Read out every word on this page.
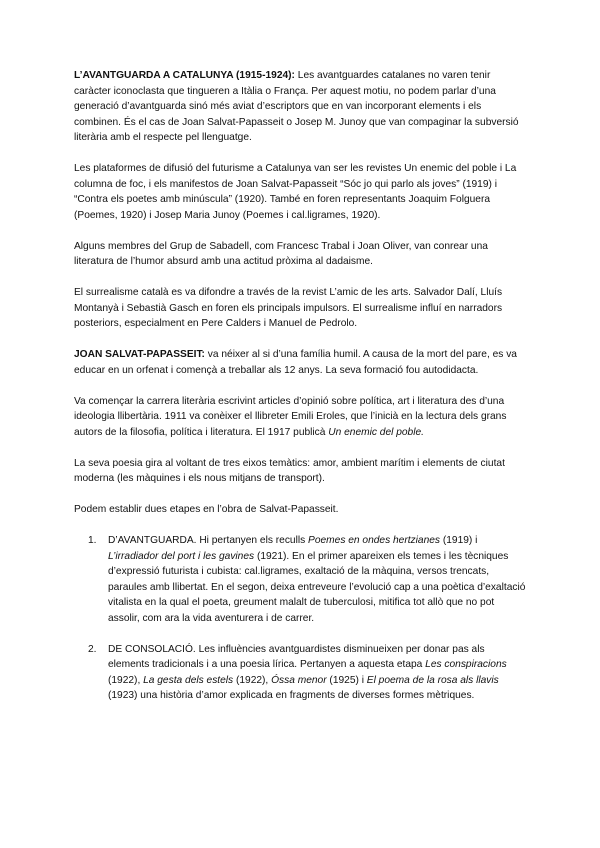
L’AVANTGUARDA A CATALUNYA (1915-1924): Les avantguardes catalanes no varen tenir caràcter iconoclasta que tingueren a Itàlia o França. Per aquest motiu, no podem parlar d’una generació d’avantguarda sinó més aviat d’escriptors que en van incorporant elements i els combinen. És el cas de Joan Salvat-Papasseit o Josep M. Junoy que van compaginar la subversió literària amb el respecte pel llenguatge.

Les plataformes de difusió del futurisme a Catalunya van ser les revistes Un enemic del poble i La columna de foc, i els manifestos de Joan Salvat-Papasseit “Sóc jo qui parlo als joves” (1919) i “Contra els poetes amb minúscula” (1920). També en foren representants Joaquim Folguera (Poemes, 1920) i Josep Maria Junoy (Poemes i cal.ligrames, 1920).

Alguns membres del Grup de Sabadell, com Francesc Trabal i Joan Oliver, van conrear una literatura de l’humor absurd amb una actitud pròxima al dadaisme.

El surrealisme català es va difondre a través de la revist L’amic de les arts. Salvador Dalí, Lluís Montanyà i Sebastià Gasch en foren els principals impulsors. El surrealisme influí en narradors posteriors, especialment en Pere Calders i Manuel de Pedrolo.

JOAN SALVAT-PAPASSEIT: va néixer al si d’una família humil. A causa de la mort del pare, es va educar en un orfenat i començà a treballar als 12 anys. La seva formació fou autodidacta.

Va començar la carrera literària escrivint articles d’opinió sobre política, art i literatura des d’una ideologia llibertària. 1911 va conèixer el llibreter Emili Eroles, que l’inicià en la lectura dels grans autors de la filosofia, política i literatura. El 1917 publicà Un enemic del poble.

La seva poesia gira al voltant de tres eixos temàtics: amor, ambient marítim i elements de ciutat moderna (les màquines i els nous mitjans de transport).

Podem establir dues etapes en l’obra de Salvat-Papasseit.

1. D’AVANTGUARDA. Hi pertanyen els reculls Poemes en ondes hertzianes (1919) i L’irradiador del port i les gavines (1921). En el primer apareixen els temes i les tècniques d’expressió futurista i cubista: cal.ligrames, exaltació de la màquina, versos trencats, paraules amb llibertat. En el segon, deixa entreveure l’evolució cap a una poètica d’exaltació vitalista en la qual el poeta, greument malalt de tuberculosi, mitifica tot allò que no pot assolir, com ara la vida aventurera i de carrer.
2. DE CONSOLACIÓ. Les influències avantguardistes disminueixen per donar pas als elements tradicionals i a una poesia lírica. Pertanyen a aquesta etapa Les conspiracions (1922), La gesta dels estels (1922), Óssa menor (1925) i El poema de la rosa als llavis (1923) una història d’amor explicada en fragments de diverses formes mètriques.
